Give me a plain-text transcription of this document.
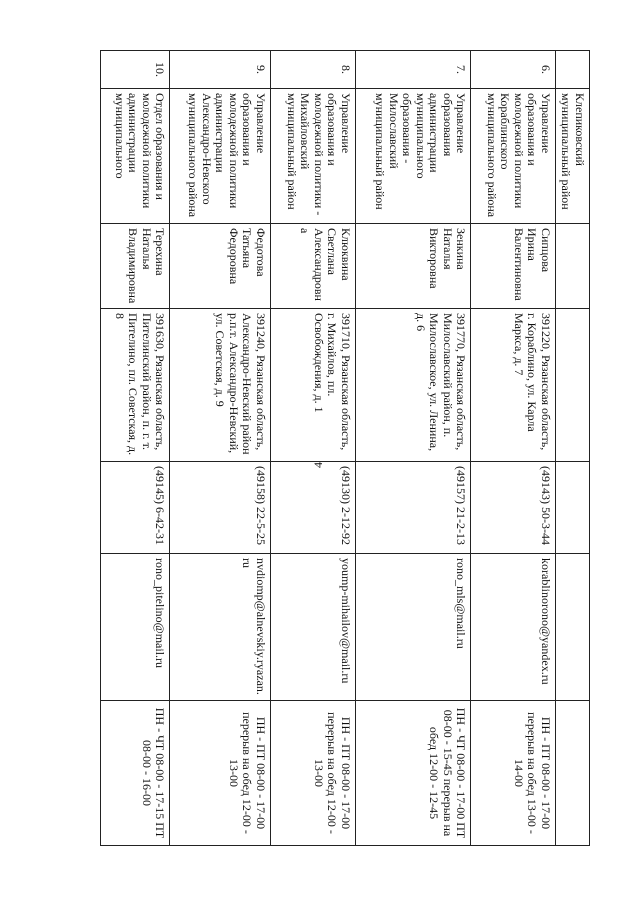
4
	Клепиковский муниципальный район					
6.	Управление образования и молодежной политики Кораблинского муниципального района	Сипцова Ирина Валентиновна	391220, Рязанская область, г. Кораблино, ул. Карла Маркса, д. 7	(49143) 50-3-44	korablinorono@yandex.ru	ПН - ПТ 08-00 - 17-00 перерыв на обед 13-00 - 14-00
7.	Управление образования администрации муниципального образования - Милославский муниципальный район	Зенкина Наталья Викторовна	391770, Рязанская область, Милославский район, п. Милославское, ул. Ленина, д. 6	(49157) 21-2-13	rono_mls@mail.ru	ПН - ЧТ 08-00 - 17-00 ПТ 08-00 - 15-45 перерыв на обед 12-00 - 12-45
8.	Управление образования и молодежной политики - Михайловский муниципальный район	Клюквина Светлана Александровна	391710, Рязанская область, г. Михайлов, пл. Освобождения, д. 1	(49130) 2-12-92	yoump-mihailov@mail.ru	ПН - ПТ 08-00 - 17-00 перерыв на обед 12-00 - 13-00
9.	Управление образования и молодежной политики администрации Александро-Невского муниципального района	Федотова Татьяна Федоровна	391240, Рязанская область, Александро-Невский район р.п.т. Александро-Невский, ул. Советская, д. 9	(49158) 22-5-25	nvdiomp@alnevskiy.ryazan.ru	ПН - ПТ 08-00 - 17-00 перерыв на обед 12-00 - 13-00
10.	Отдел образования и молодежной политики администрации муниципального	Терехина Наталья Владимировна	391630, Рязанская область, Пителинский район, п. г. т. Пителино, пл. Советская, д. 8	(49145) 6-42-31	rono_pitelino@mail.ru	ПН - ЧТ 08-00 - 17-15 ПТ 08-00 - 16-00
